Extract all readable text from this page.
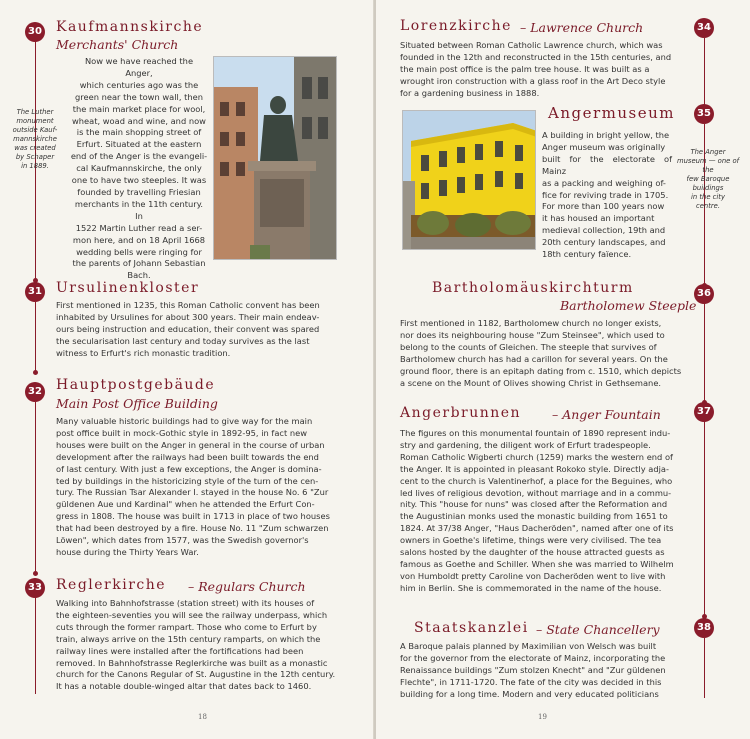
30 Kaufmannskirche
Merchants' Church
The Luther
monument
outside Kauf-
mannskirche
was created
by Schaper
in 1889.
Now we have reached the Anger,
which centuries ago was the
green near the town wall, then
the main market place for wool,
wheat, woad and wine, and now
is the main shopping street of
Erfurt. Situated at the eastern
end of the Anger is the evangeli-
cal Kaufmannskirche, the only
one to have two steeples. It was
founded by travelling Friesian
merchants in the 11th century. In
1522 Martin Luther read a ser-
mon here, and on 18 April 1668
wedding bells were ringing for
the parents of Johann Sebastian
Bach.
31 Ursulinenkloster
First mentioned in 1235, this Roman Catholic convent has been
inhabited by Ursulines for about 300 years. Their main endeav-
ours being instruction and education, their convent was spared
the secularisation last century and today survives as the last
witness to Erfurt's rich monastic tradition.
32 Hauptpostgebäude
Main Post Office Building
Many valuable historic buildings had to give way for the main
post office built in mock-Gothic style in 1892-95, in fact new
houses were built on the Anger in general in the course of urban
development after the railways had been built towards the end
of last century. With just a few exceptions, the Anger is domina-
ted by buildings in the historicizing style of the turn of the cen-
tury. The Russian Tsar Alexander I. stayed in the house No. 6 "Zur
güldenen Aue und Kardinal" when he attended the Erfurt Con-
gress in 1808. The house was built in 1713 in place of two houses
that had been destroyed by a fire. House No. 11 "Zum schwarzen
Löwen", which dates from 1577, was the Swedish governor's
house during the Thirty Years War.
33 Reglerkirche – Regulars Church
Walking into Bahnhofstrasse (station street) with its houses of
the eighteen-seventies you will see the railway underpass, which
cuts through the former rampart. Those who come to Erfurt by
train, always arrive on the 15th century ramparts, on which the
railway lines were installed after the fortifications had been
removed. In Bahnhofstrasse Reglerkirche was built as a monastic
church for the Canons Regular of St. Augustine in the 12th century.
It has a notable double-winged altar that dates back to 1460.
18
Lorenzkirche – Lawrence Church	34
Situated between Roman Catholic Lawrence church, which was
founded in the 12th and reconstructed in the 15th centuries, and
the main post office is the palm tree house. It was built as a
wrought iron construction with a glass roof in the Art Deco style
for a gardening business in 1888.
Angermuseum	35
A building in bright yellow, the
Anger museum was originally
built for the electorate of Mainz
as a packing and weighing of-
fice for reviving trade in 1705.
For more than 100 years now
it has housed an important
medieval collection, 19th and
20th century landscapes, and
18th century faïence.
The Anger
museum — one of the
few Baroque
buildings
in the city
centre.
Bartholomäuskirchturm	36
Bartholomew Steeple
First mentioned in 1182, Bartholomew church no longer exists,
nor does its neighbouring house "Zum Steinsee", which used to
belong to the counts of Gleichen. The steeple that survives of
Bartholomew church has had a carillon for several years. On the
ground floor, there is an epitaph dating from c. 1510, which depicts
a scene on the Mount of Olives showing Christ in Gethsemane.
Angerbrunnen – Anger Fountain	37
The figures on this monumental fountain of 1890 represent indu-
stry and gardening, the diligent work of Erfurt tradespeople.
Roman Catholic Wigberti church (1259) marks the western end of
the Anger. It is appointed in pleasant Rokoko style. Directly adja-
cent to the church is Valentinerhof, a place for the Beguines, who
led lives of religious devotion, without marriage and in a commu-
nity. This "house for nuns" was closed after the Reformation and
the Augustinian monks used the monastic building from 1651 to
1824. At 37/38 Anger, "Haus Dacheröden", named after one of its
owners in Goethe's lifetime, things were very civilised. The tea
salons hosted by the daughter of the house attracted guests as
famous as Goethe and Schiller. When she was married to Wilhelm
von Humboldt pretty Caroline von Dacheröden went to live with
him in Berlin. She is commemorated in the name of the house.
Staatskanzlei – State Chancellery	38
A Baroque palais planned by Maximilian von Welsch was built
for the governor from the electorate of Mainz, incorporating the
Renaissance buildings "Zum stolzen Knecht" and "Zur güldenen
Flechte", in 1711-1720. The fate of the city was decided in this
building for a long time. Modern and very educated politicians
19
